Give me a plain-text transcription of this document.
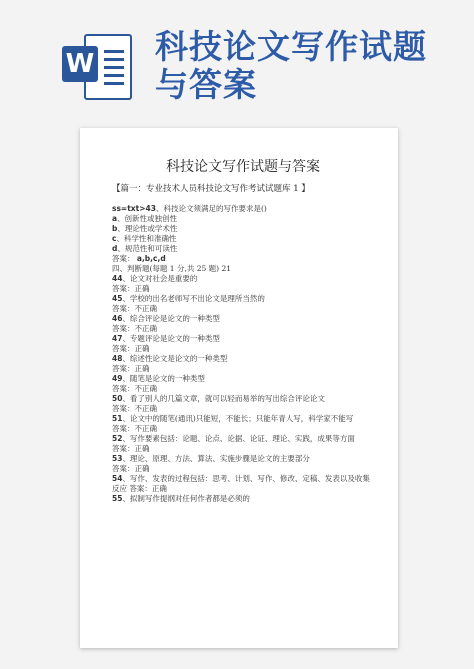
W 科技论文写作试题与答案
科技论文写作试题与答案
【篇一：专业技术人员科技论文写作考试试题库 1 】
ss=txt>43、科技论文须满足的写作要求是()
a、创新性或独创性
b、理论性或学术性
c、科学性和准确性
d、规范性和可读性
答案： a,b,c,d
四、判断题(每题 1 分,共 25 题) 21
44、论文对社会是重要的
答案：正确
45、学校的出名老师写不出论文是理所当然的
答案：不正确
46、综合评论是论文的一种类型
答案：不正确
47、专题评论是论文的一种类型
答案：正确
48、综述性论文是论文的一种类型
答案：正确
49、随笔是论文的一种类型
答案：不正确
50、看了别人的几篇文章，就可以轻而易举的写出综合评论论文
答案：不正确
51、论文中的随笔(通讯)只能短，不能长；只能年青人写，科学家不能写
答案：不正确
52、写作要素包括：论题、论点、论据、论证、理论、实践，成果等方面
答案：正确
53、理论、原理、方法、算法、实施步骤是论文的主要部分
答案：正确
54、写作、发表的过程包括：思考、计划、写作、修改、定稿、发表以及收集反应 答案：正确
55、拟制写作提纲对任何作者都是必须的
